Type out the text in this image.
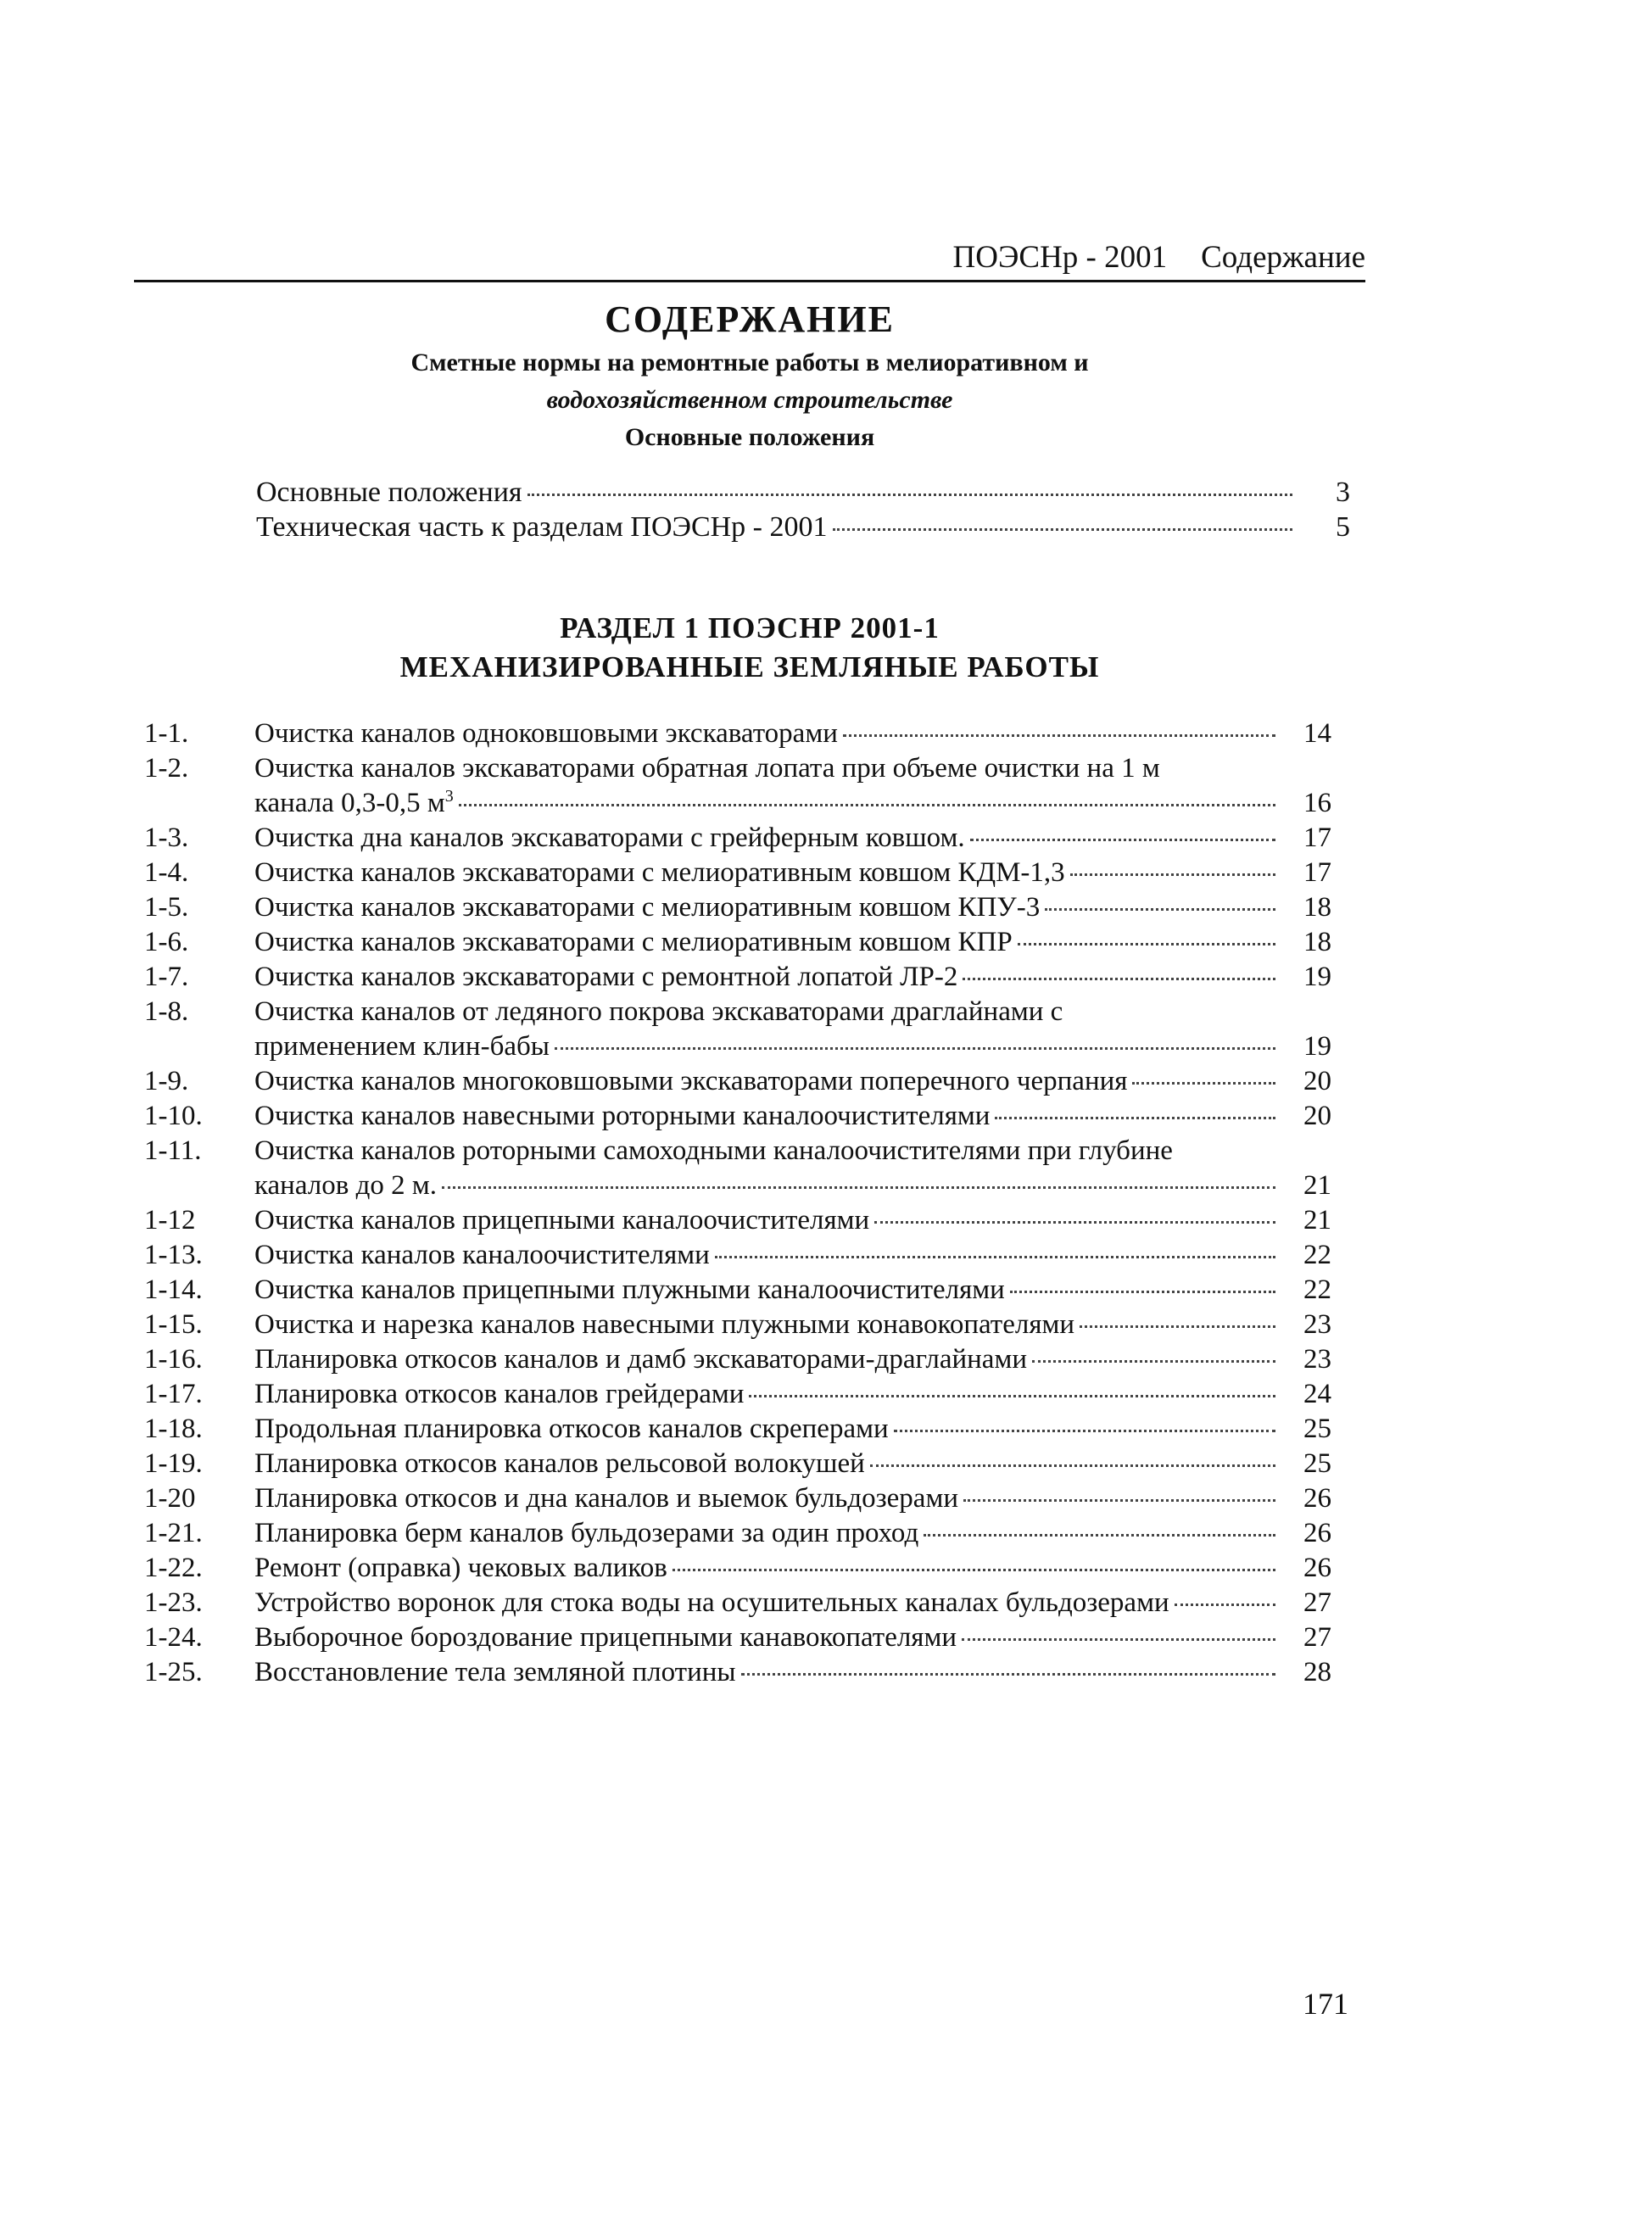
ПОЭСНр - 2001 Содержание
СОДЕРЖАНИЕ
Сметные нормы на ремонтные работы в мелиоративном и
водохозяйственном строительстве
Основные положения
Основные положения	3
Техническая часть к разделам ПОЭСНр - 2001	5
РАЗДЕЛ 1 ПОЭСНР 2001-1
МЕХАНИЗИРОВАННЫЕ ЗЕМЛЯНЫЕ РАБОТЫ
1-1.	Очистка каналов одноковшовыми экскаваторами	14
1-2.	Очистка каналов экскаваторами обратная лопата при объеме очистки на 1 м
канала 0,3-0,5 $м^3$	16
1-3.	Очистка дна каналов экскаваторами с грейферным ковшом.	17
1-4.	Очистка каналов экскаваторами с мелиоративным ковшом КДМ-1,3	17
1-5.	Очистка каналов экскаваторами с мелиоративным ковшом КПУ-3	18
1-6.	Очистка каналов экскаваторами с мелиоративным ковшом КПР	18
1-7.	Очистка каналов экскаваторами с ремонтной лопатой ЛР-2	19
1-8.	Очистка каналов от ледяного покрова экскаваторами драглайнами с
применением клин-бабы	19
1-9.	Очистка каналов многоковшовыми экскаваторами поперечного черпания	20
1-10.	Очистка каналов навесными роторными каналоочистителями	20
1-11.	Очистка каналов роторными самоходными каналоочистителями при глубине
каналов до 2 м.	21
1-12	Очистка каналов прицепными каналоочистителями	21
1-13.	Очистка каналов каналоочистителями	22
1-14.	Очистка каналов прицепными плужными каналоочистителями	22
1-15.	Очистка и нарезка каналов навесными плужными конавокопателями	23
1-16.	Планировка откосов каналов и дамб экскаваторами-драглайнами	23
1-17.	Планировка откосов каналов грейдерами	24
1-18.	Продольная планировка откосов каналов скреперами	25
1-19.	Планировка откосов каналов рельсовой волокушей	25
1-20	Планировка откосов и дна каналов и выемок бульдозерами	26
1-21.	Планировка берм каналов бульдозерами за один проход	26
1-22.	Ремонт (оправка) чековых валиков	26
1-23.	Устройство воронок для стока воды на осушительных каналах бульдозерами	27
1-24.	Выборочное бороздование прицепными канавокопателями	27
1-25.	Восстановление тела земляной плотины	28
171
